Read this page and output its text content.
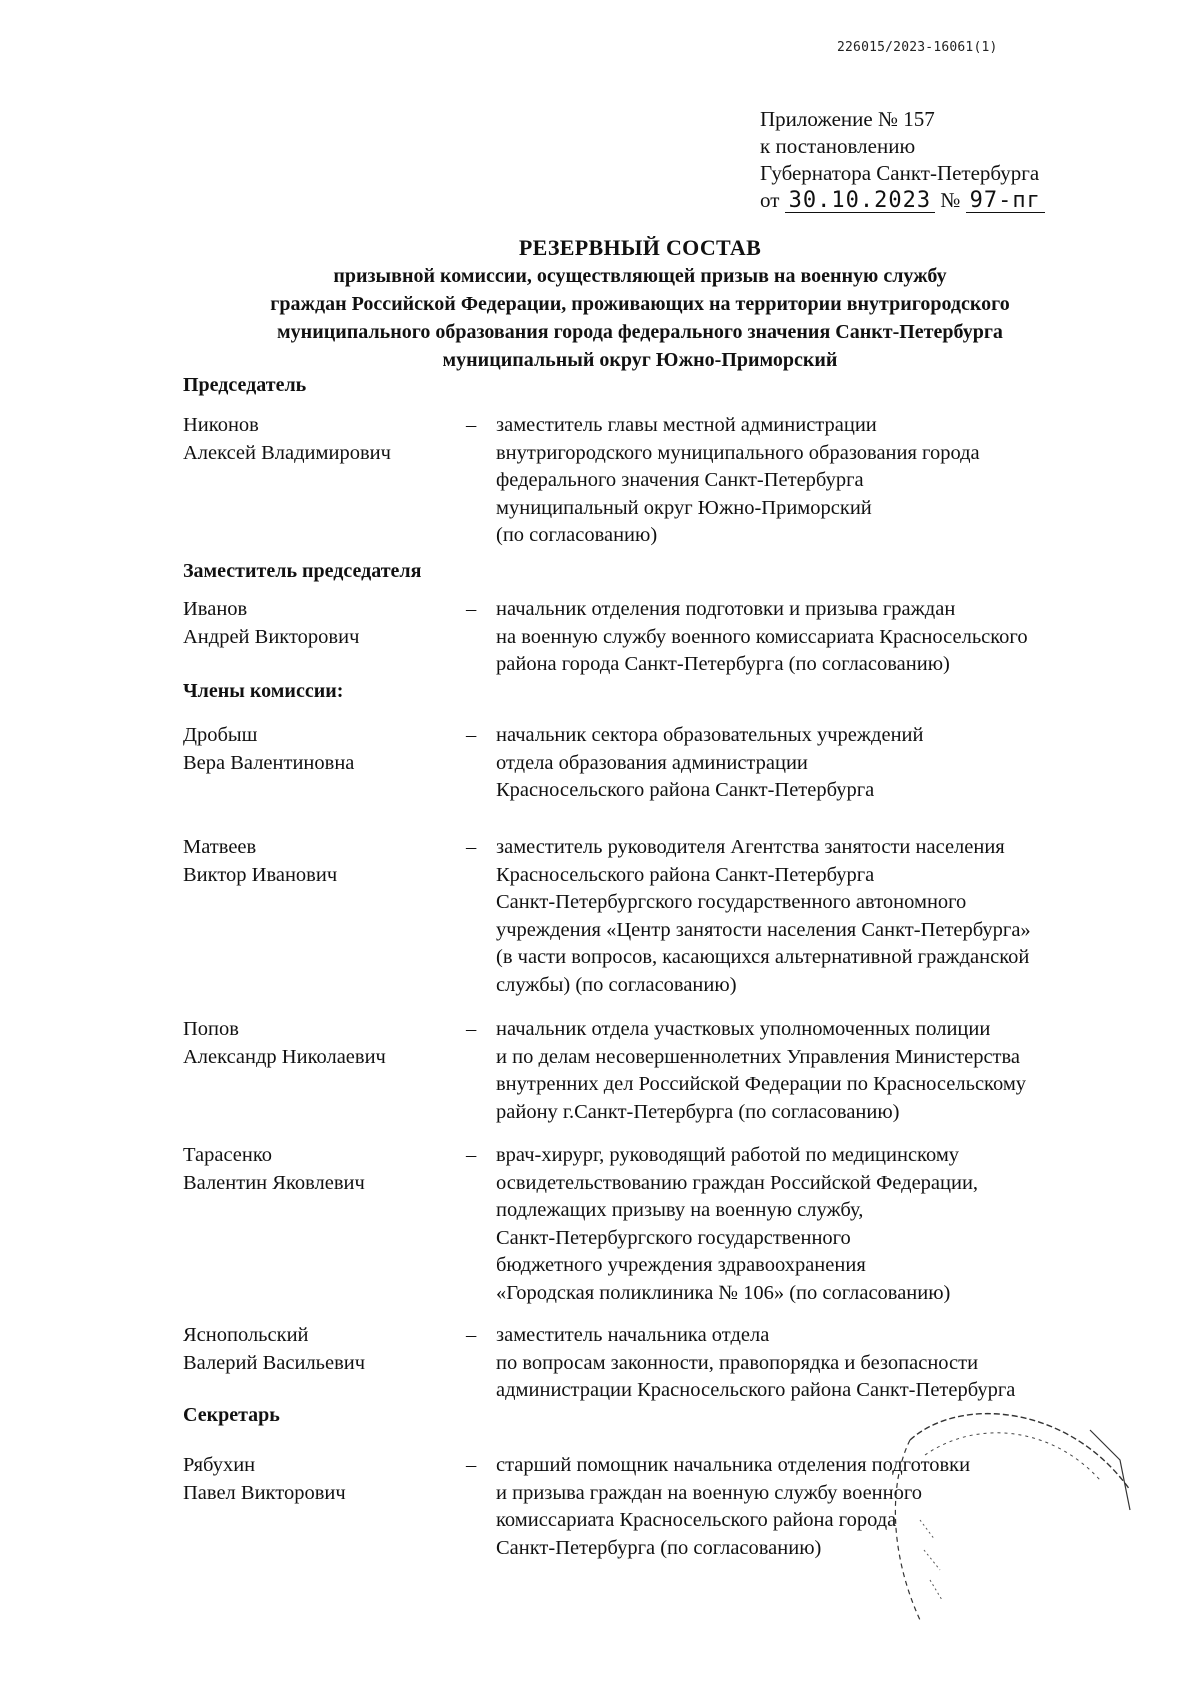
226015/2023-16061(1)
Приложение № 157
к постановлению
Губернатора Санкт-Петербурга
от 30.10.2023 № 97-пг
РЕЗЕРВНЫЙ СОСТАВ
призывной комиссии, осуществляющей призыв на военную службу
граждан Российской Федерации, проживающих на территории внутригородского
муниципального образования города федерального значения Санкт-Петербурга
муниципальный округ Южно-Приморский
Председатель
Никонов
Алексей Владимирович
– заместитель главы местной администрации
внутригородского муниципального образования города
федерального значения Санкт-Петербурга
муниципальный округ Южно-Приморский
(по согласованию)
Заместитель председателя
Иванов
Андрей Викторович
– начальник отделения подготовки и призыва граждан
на военную службу военного комиссариата Красносельского
района города Санкт-Петербурга (по согласованию)
Члены комиссии:
Дробыш
Вера Валентиновна
– начальник сектора образовательных учреждений
отдела образования администрации
Красносельского района Санкт-Петербурга
Матвеев
Виктор Иванович
– заместитель руководителя Агентства занятости населения
Красносельского района Санкт-Петербурга
Санкт-Петербургского государственного автономного
учреждения «Центр занятости населения Санкт-Петербурга»
(в части вопросов, касающихся альтернативной гражданской
службы) (по согласованию)
Попов
Александр Николаевич
– начальник отдела участковых уполномоченных полиции
и по делам несовершеннолетних Управления Министерства
внутренних дел Российской Федерации по Красносельскому
району г.Санкт-Петербурга (по согласованию)
Тарасенко
Валентин Яковлевич
– врач-хирург, руководящий работой по медицинскому
освидетельствованию граждан Российской Федерации,
подлежащих призыву на военную службу,
Санкт-Петербургского государственного
бюджетного учреждения здравоохранения
«Городская поликлиника № 106» (по согласованию)
Яснопольский
Валерий Васильевич
– заместитель начальника отдела
по вопросам законности, правопорядка и безопасности
администрации Красносельского района Санкт-Петербурга
Секретарь
Рябухин
Павел Викторович
– старший помощник начальника отделения подготовки
и призыва граждан на военную службу военного
комиссариата Красносельского района города
Санкт-Петербурга (по согласованию)
